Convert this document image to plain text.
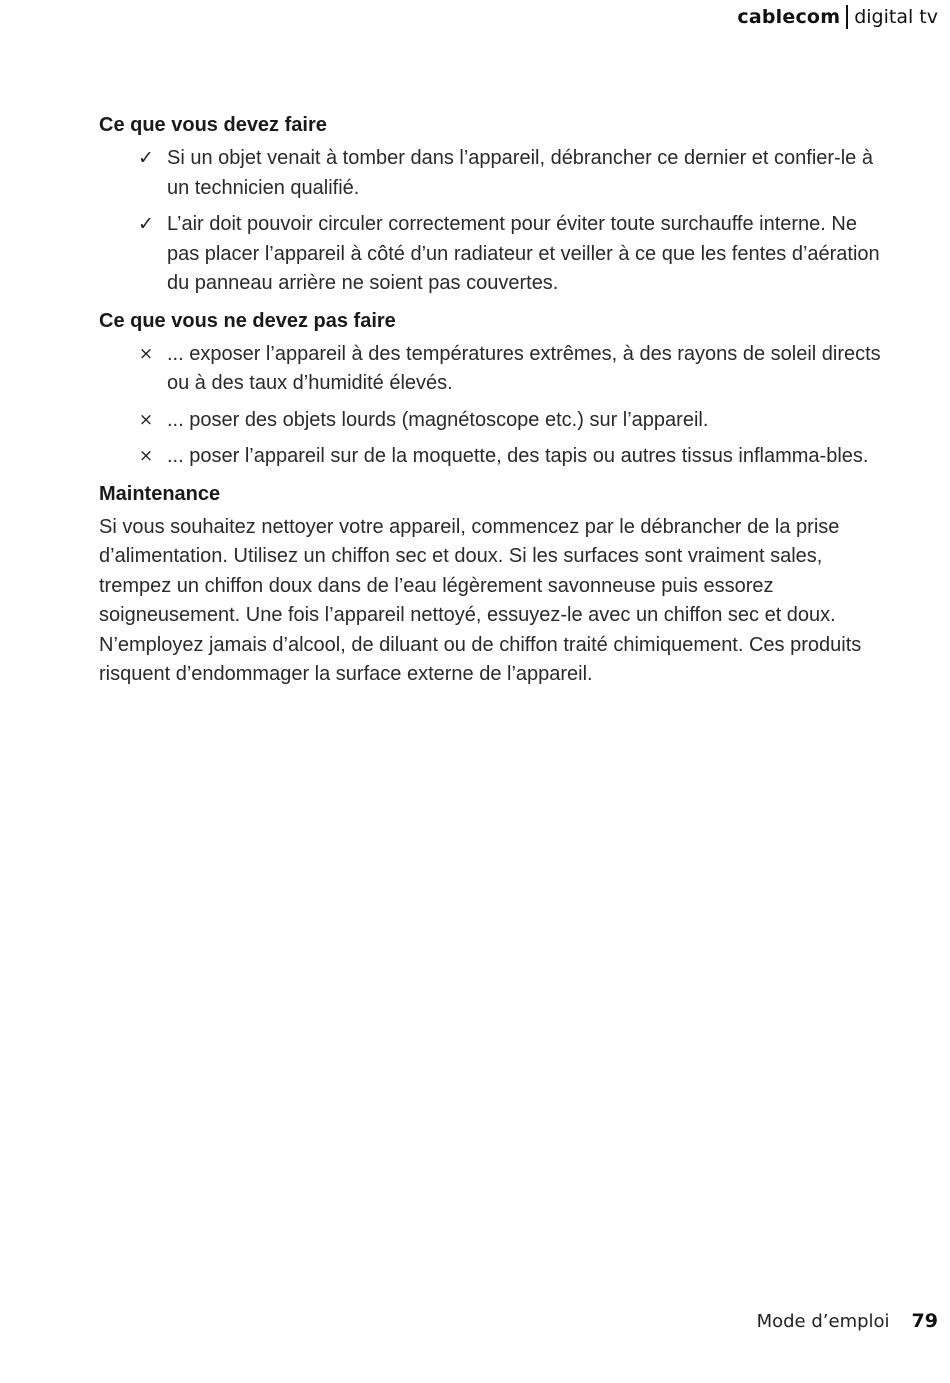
cablecom digital tv
Ce que vous devez faire
✓ Si un objet venait à tomber dans l’appareil, débrancher ce dernier et confier-le à un technicien qualifié.
✓ L’air doit pouvoir circuler correctement pour éviter toute surchauffe interne. Ne pas placer l’appareil à côté d’un radiateur et veiller à ce que les fentes d’aération du panneau arrière ne soient pas couvertes.
Ce que vous ne devez pas faire
× ... exposer l’appareil à des températures extrêmes, à des rayons de soleil directs ou à des taux d’humidité élevés.
× ... poser des objets lourds (magnétoscope etc.) sur l’appareil.
× ... poser l’appareil sur de la moquette, des tapis ou autres tissus inflamma-bles.
Maintenance

Si vous souhaitez nettoyer votre appareil, commencez par le débrancher de la prise d’alimentation. Utilisez un chiffon sec et doux. Si les surfaces sont vraiment sales, trempez un chiffon doux dans de l’eau légèrement savonneuse puis essorez soigneusement. Une fois l’appareil nettoyé, essuyez-le avec un chiffon sec et doux. N’employez jamais d’alcool, de diluant ou de chiffon traité chimiquement. Ces produits risquent d’endommager la surface externe de l’appareil.

Mode d’emploi 79
